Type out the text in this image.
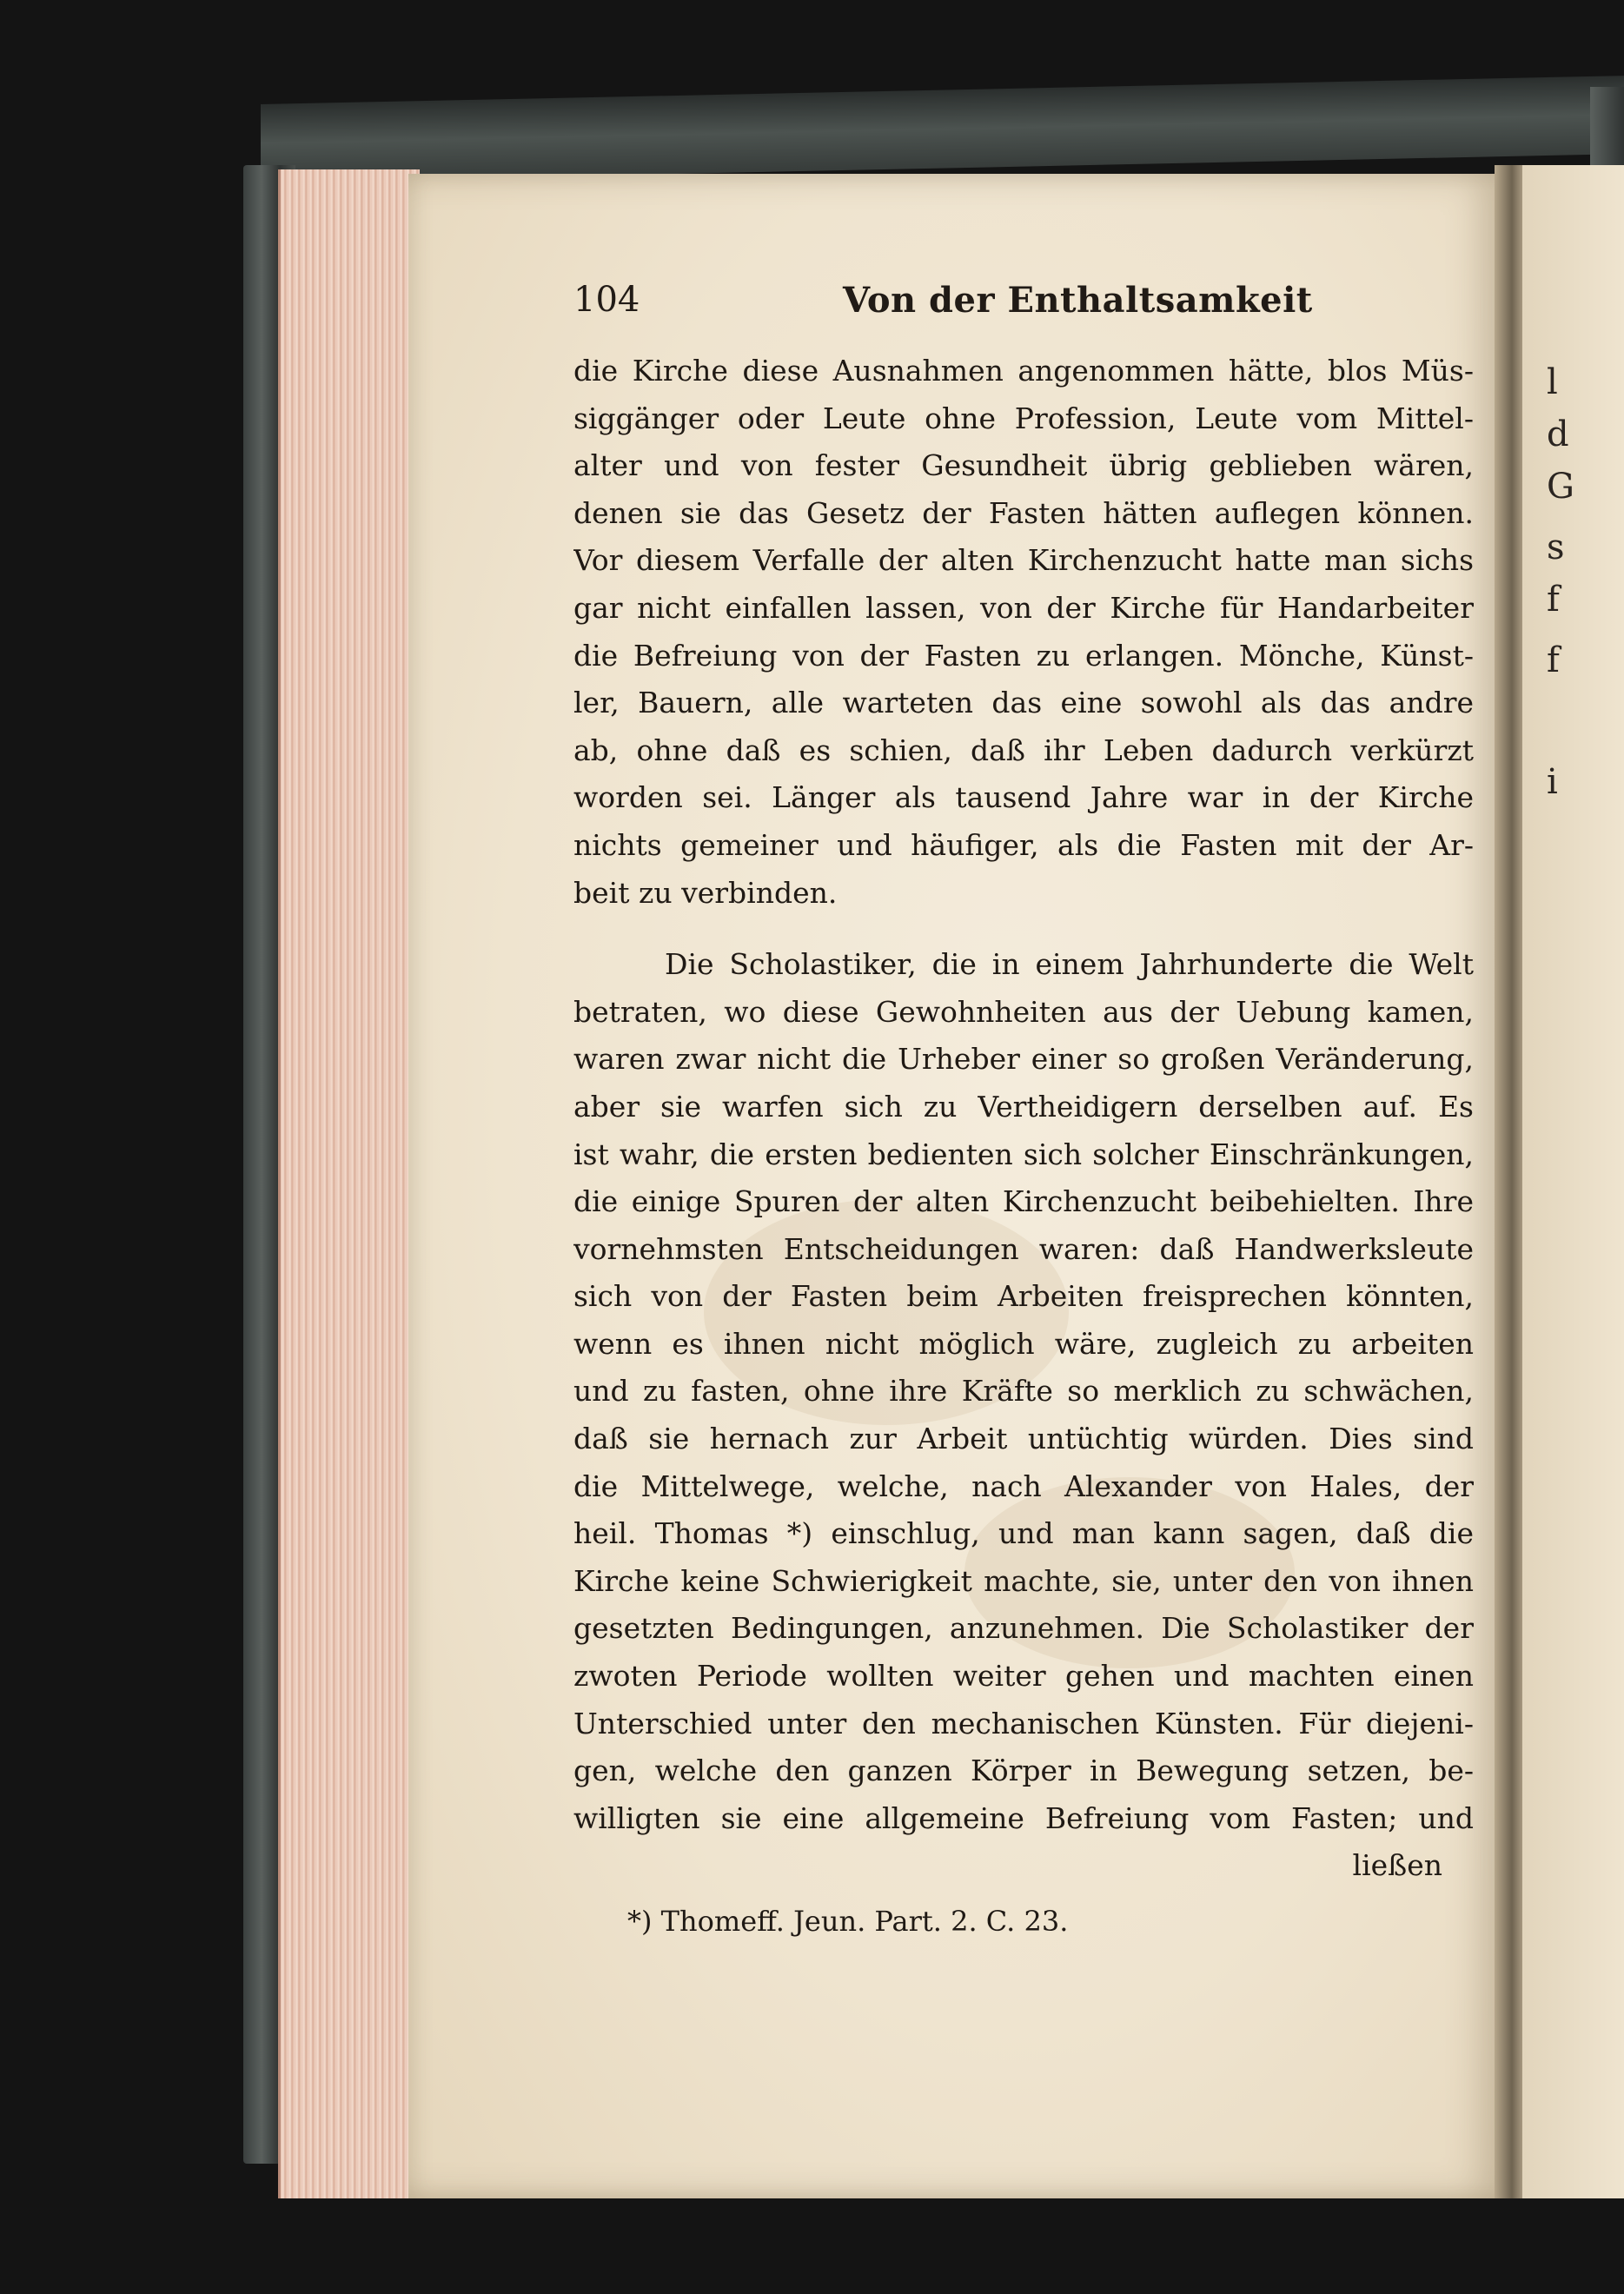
l
d
G
s
f
f
i
104	Von der Enthaltsamkeit
die Kirche diese Ausnahmen angenommen hätte, blos Müs-
siggänger oder Leute ohne Profession, Leute vom Mittel-
alter und von fester Gesundheit übrig geblieben wären,
denen sie das Gesetz der Fasten hätten auflegen können.
Vor diesem Verfalle der alten Kirchenzucht hatte man sichs
gar nicht einfallen lassen, von der Kirche für Handarbeiter
die Befreiung von der Fasten zu erlangen. Mönche, Künst-
ler, Bauern, alle warteten das eine sowohl als das andre
ab, ohne daß es schien, daß ihr Leben dadurch verkürzt
worden sei. Länger als tausend Jahre war in der Kirche
nichts gemeiner und häufiger, als die Fasten mit der Ar-
beit zu verbinden.
Die Scholastiker, die in einem Jahrhunderte die Welt
betraten, wo diese Gewohnheiten aus der Uebung kamen,
waren zwar nicht die Urheber einer so großen Veränderung,
aber sie warfen sich zu Vertheidigern derselben auf. Es
ist wahr, die ersten bedienten sich solcher Einschränkungen,
die einige Spuren der alten Kirchenzucht beibehielten. Ihre
vornehmsten Entscheidungen waren: daß Handwerksleute
sich von der Fasten beim Arbeiten freisprechen könnten,
wenn es ihnen nicht möglich wäre, zugleich zu arbeiten
und zu fasten, ohne ihre Kräfte so merklich zu schwächen,
daß sie hernach zur Arbeit untüchtig würden. Dies sind
die Mittelwege, welche, nach Alexander von Hales, der
heil. Thomas *) einschlug, und man kann sagen, daß die
Kirche keine Schwierigkeit machte, sie, unter den von ihnen
gesetzten Bedingungen, anzunehmen. Die Scholastiker der
zwoten Periode wollten weiter gehen und machten einen
Unterschied unter den mechanischen Künsten. Für diejeni-
gen, welche den ganzen Körper in Bewegung setzen, be-
willigten sie eine allgemeine Befreiung vom Fasten; und
ließen
*) Thomeff. Jeun. Part. 2. C. 23.
